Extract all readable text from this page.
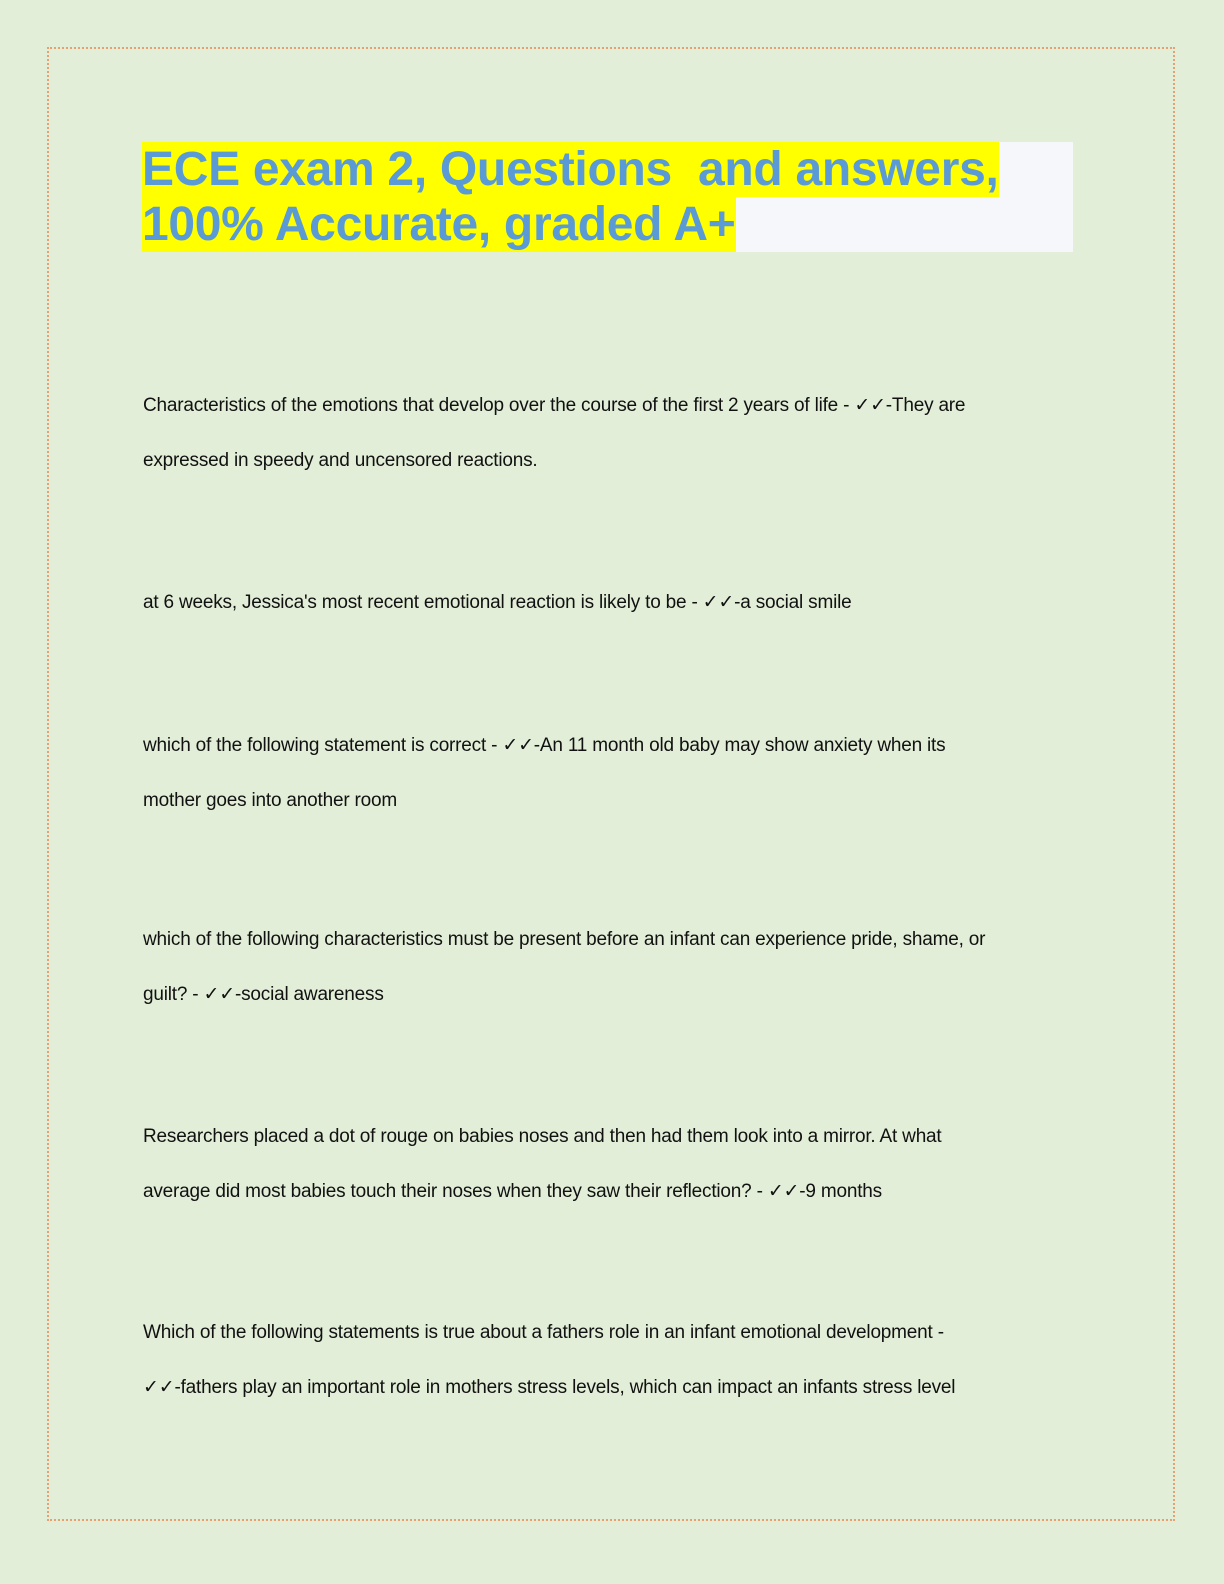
ECE exam 2, Questions  and answers,
100% Accurate, graded A+
Characteristics of the emotions that develop over the course of the first 2 years of life - ✓✓-They are
expressed in speedy and uncensored reactions.
at 6 weeks, Jessica's most recent emotional reaction is likely to be - ✓✓-a social smile
which of the following statement is correct - ✓✓-An 11 month old baby may show anxiety when its
mother goes into another room
which of the following characteristics must be present before an infant can experience pride, shame, or
guilt? - ✓✓-social awareness
Researchers placed a dot of rouge on babies noses and then had them look into a mirror. At what
average did most babies touch their noses when they saw their reflection? - ✓✓-9 months
Which of the following statements is true about a fathers role in an infant emotional development -
✓✓-fathers play an important role in mothers stress levels, which can impact an infants stress level
